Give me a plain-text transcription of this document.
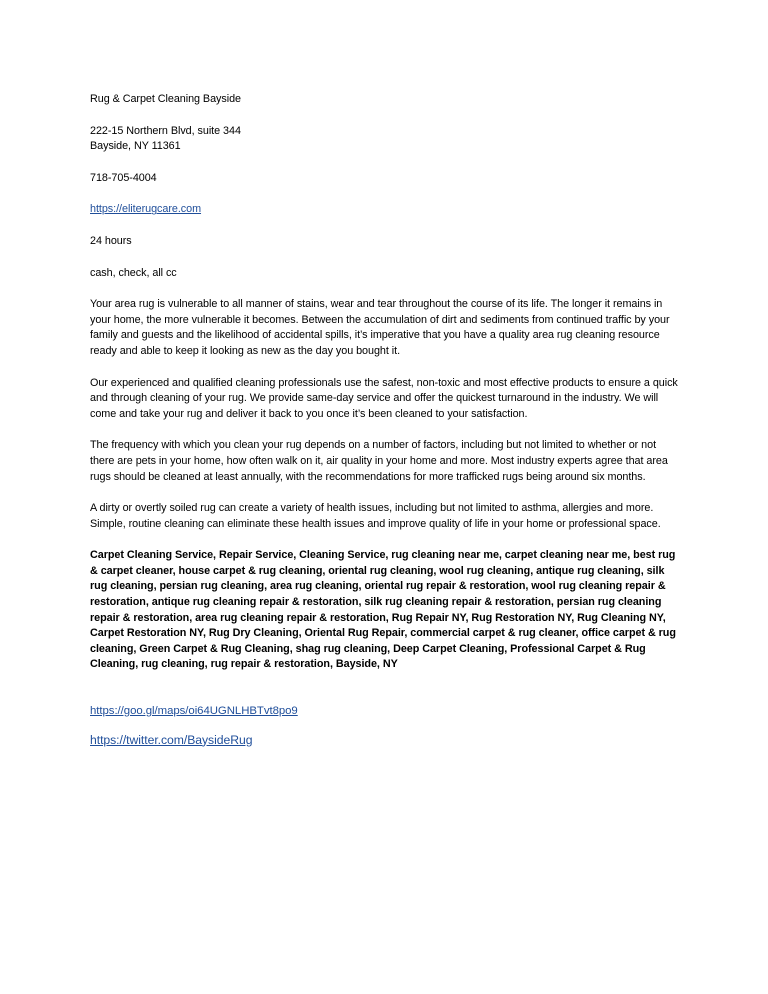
Rug & Carpet Cleaning Bayside

222-15 Northern Blvd, suite 344

Bayside, NY 11361

718-705-4004

https://eliterugcare.com

24 hours

cash, check, all cc

Your area rug is vulnerable to all manner of stains, wear and tear throughout the course of its life. The longer it remains in your home, the more vulnerable it becomes. Between the accumulation of dirt and sediments from continued traffic by your family and guests and the likelihood of accidental spills, it’s imperative that you have a quality area rug cleaning resource ready and able to keep it looking as new as the day you bought it.

Our experienced and qualified cleaning professionals use the safest, non-toxic and most effective products to ensure a quick and through cleaning of your rug. We provide same-day service and offer the quickest turnaround in the industry. We will come and take your rug and deliver it back to you once it’s been cleaned to your satisfaction.

The frequency with which you clean your rug depends on a number of factors, including but not limited to whether or not there are pets in your home, how often walk on it, air quality in your home and more. Most industry experts agree that area rugs should be cleaned at least annually, with the recommendations for more trafficked rugs being around six months.

A dirty or overtly soiled rug can create a variety of health issues, including but not limited to asthma, allergies and more. Simple, routine cleaning can eliminate these health issues and improve quality of life in your home or professional space.

Carpet Cleaning Service, Repair Service, Cleaning Service, rug cleaning near me, carpet cleaning near me, best rug & carpet cleaner, house carpet & rug cleaning, oriental rug cleaning, wool rug cleaning, antique rug cleaning, silk rug cleaning, persian rug cleaning, area rug cleaning, oriental rug repair & restoration, wool rug cleaning repair & restoration, antique rug cleaning repair & restoration, silk rug cleaning repair & restoration, persian rug cleaning repair & restoration, area rug cleaning repair & restoration, Rug Repair NY, Rug Restoration NY, Rug Cleaning NY, Carpet Restoration NY, Rug Dry Cleaning, Oriental Rug Repair, commercial carpet & rug cleaner, office carpet & rug cleaning, Green Carpet & Rug Cleaning, shag rug cleaning, Deep Carpet Cleaning, Professional Carpet & Rug Cleaning, rug cleaning, rug repair & restoration, Bayside, NY

https://goo.gl/maps/oi64UGNLHBTvt8po9

https://twitter.com/BaysideRug
